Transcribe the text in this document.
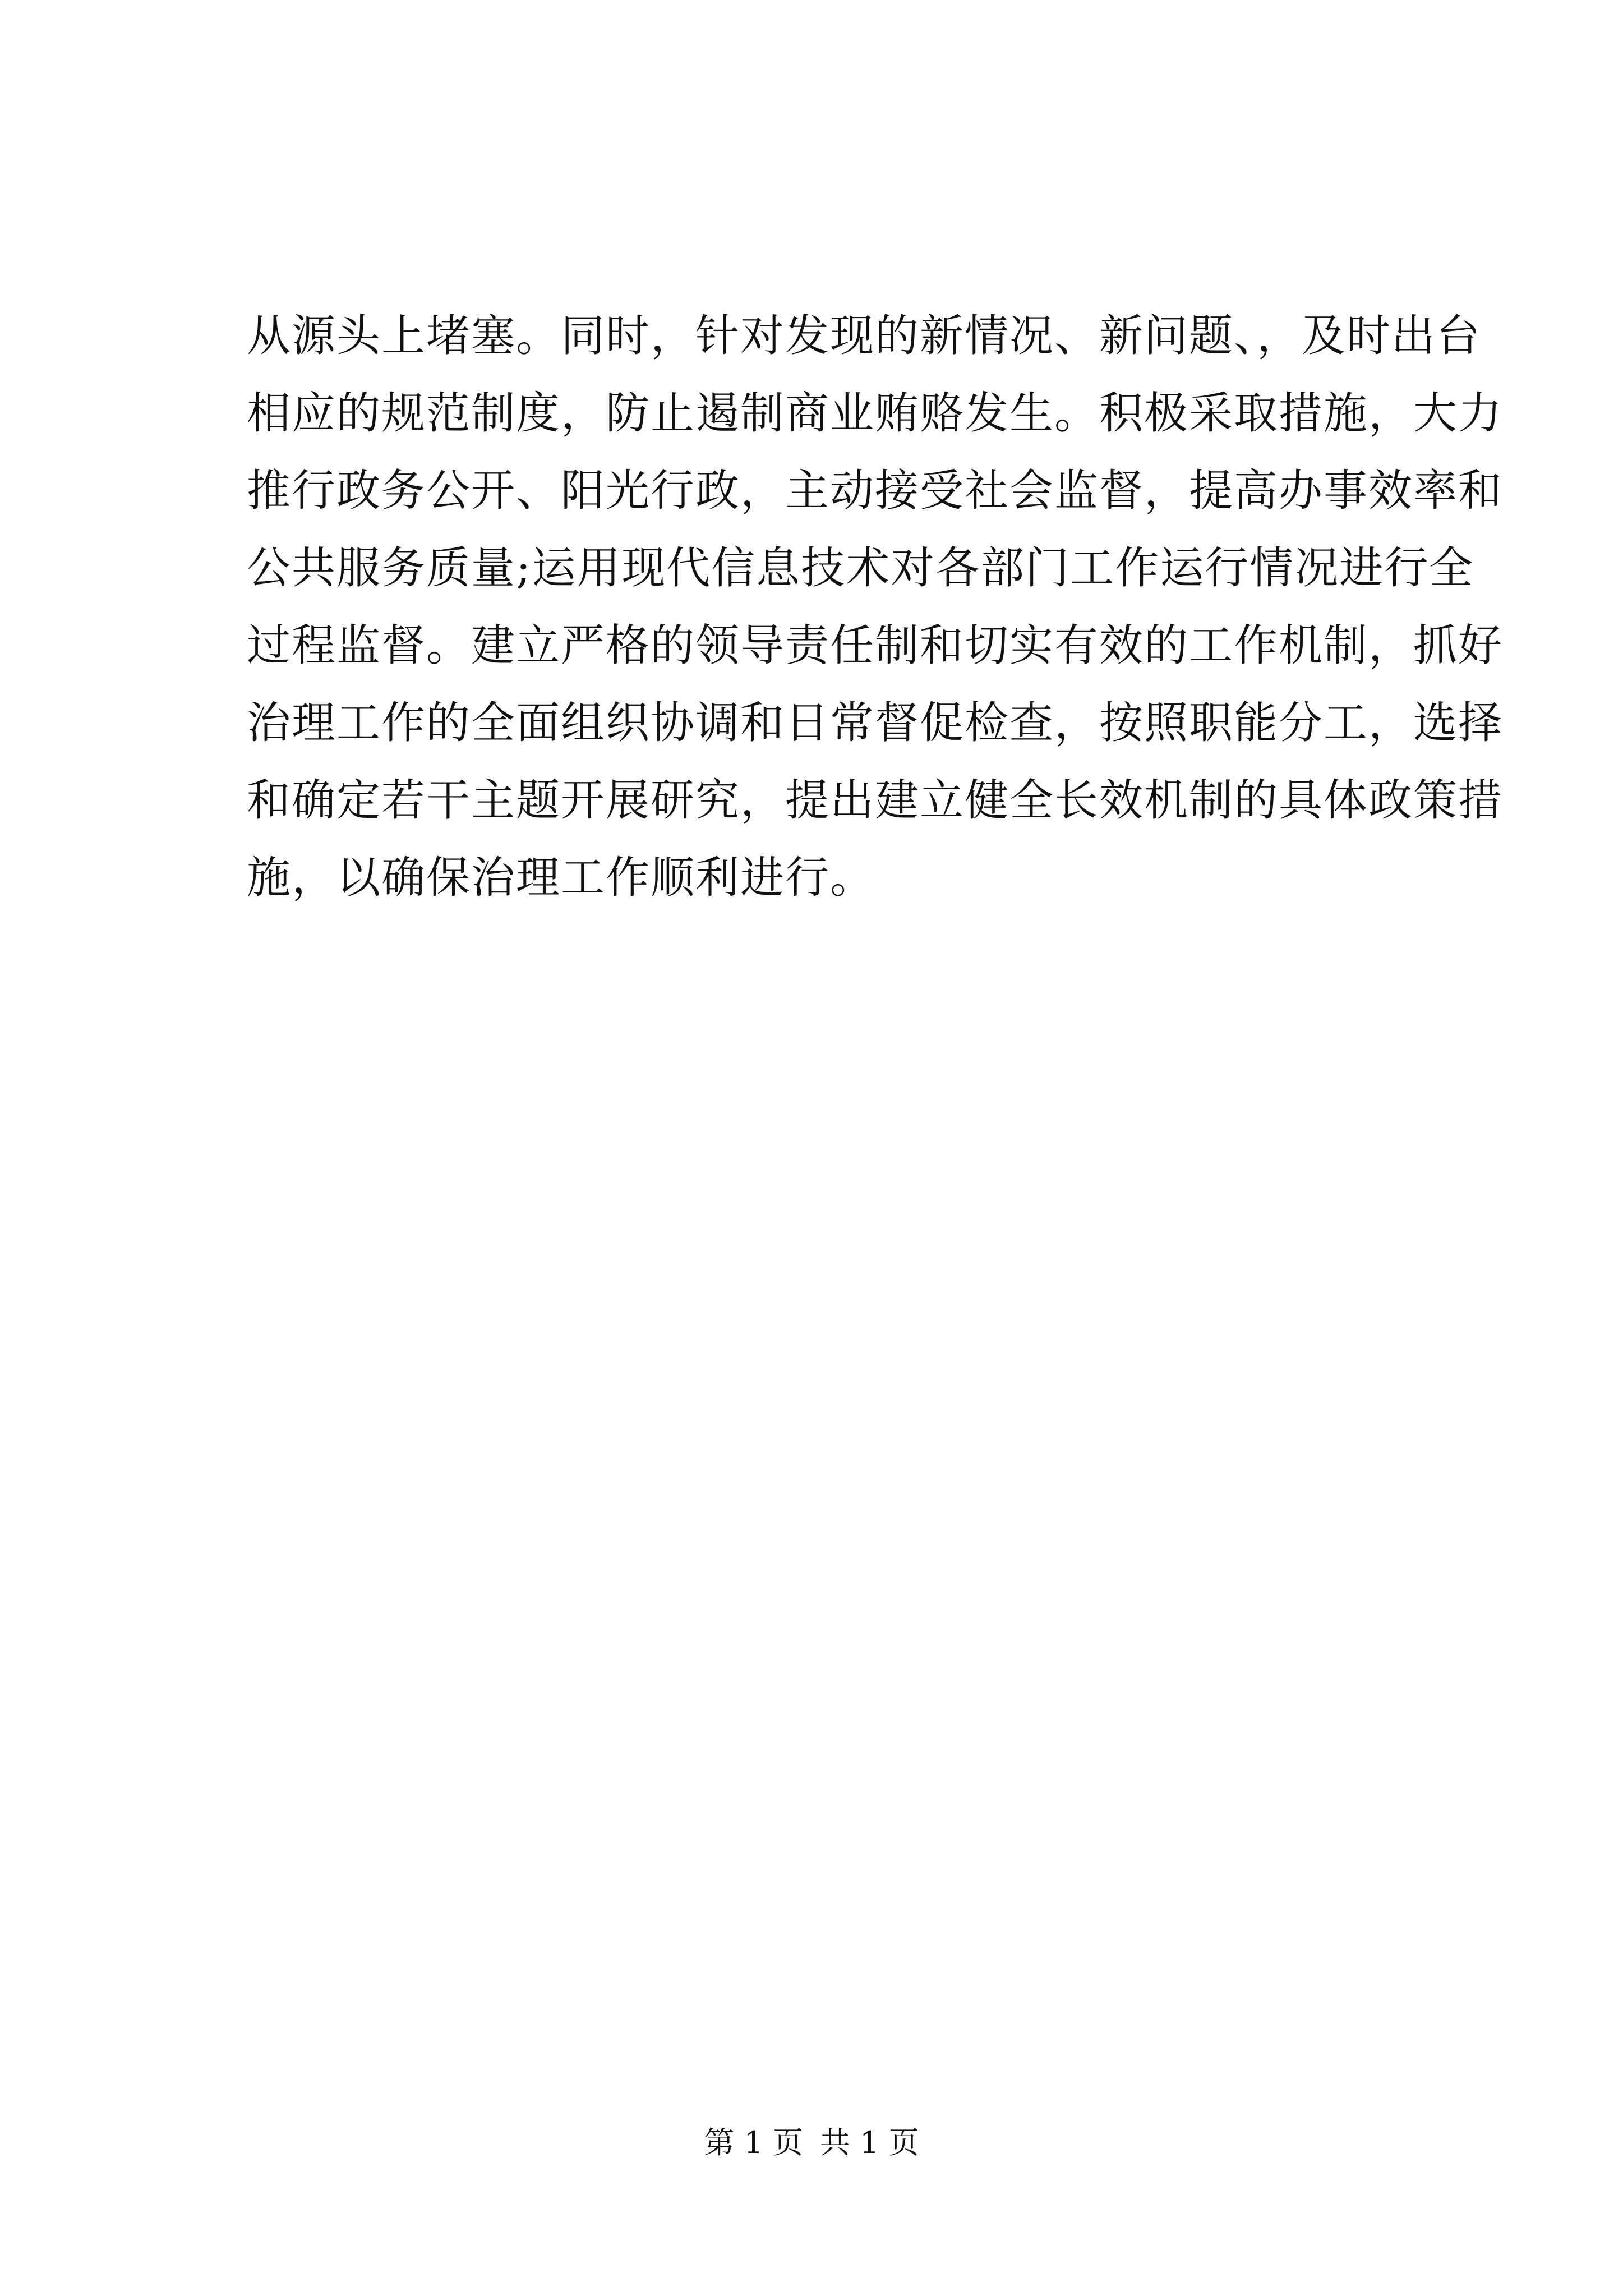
从源头上堵塞。同时，针对发现的新情况、新问题、，及时出台
相应的规范制度，防止遏制商业贿赂发生。积极采取措施，大力
推行政务公开、阳光行政，主动接受社会监督，提高办事效率和
公共服务质量;运用现代信息技术对各部门工作运行情况进行全
过程监督。建立严格的领导责任制和切实有效的工作机制，抓好
治理工作的全面组织协调和日常督促检查，按照职能分工，选择
和确定若干主题开展研究，提出建立健全长效机制的具体政策措
施，以确保治理工作顺利进行。
第 1 页 共 1 页
